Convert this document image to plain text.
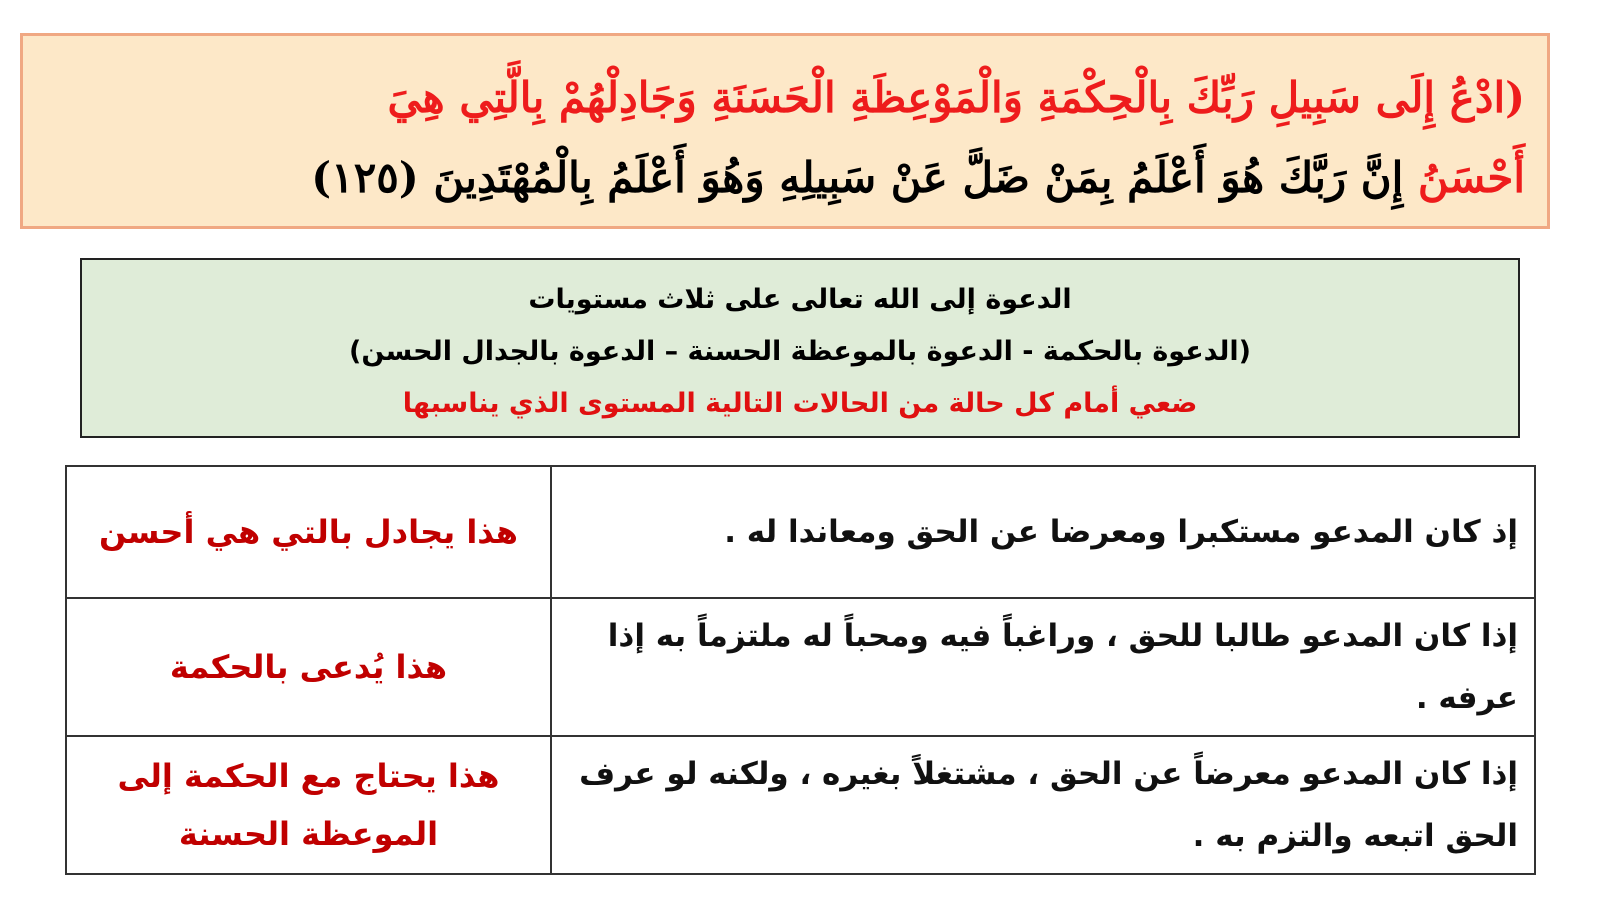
(ادْعُ إِلَى سَبِيلِ رَبِّكَ بِالْحِكْمَةِ وَالْمَوْعِظَةِ الْحَسَنَةِ وَجَادِلْهُمْ بِالَّتِي هِيَ

أَحْسَنُ إِنَّ رَبَّكَ هُوَ أَعْلَمُ بِمَنْ ضَلَّ عَنْ سَبِيلِهِ وَهُوَ أَعْلَمُ بِالْمُهْتَدِينَ (١٢٥)

الدعوة إلى الله تعالى على ثلاث مستويات
(الدعوة بالحكمة - الدعوة بالموعظة الحسنة – الدعوة بالجدال الحسن)
ضعي أمام كل حالة من الحالات التالية المستوى الذي يناسبها
إذ كان المدعو مستكبرا ومعرضا عن الحق ومعاندا له .	هذا يجادل بالتي هي أحسن
إذا كان المدعو طالبا للحق ، وراغباً فيه ومحباً له ملتزماً به إذا عرفه .	هذا يُدعى بالحكمة
إذا كان المدعو معرضاً عن الحق ، مشتغلاً بغيره ، ولكنه لو عرف الحق اتبعه والتزم به .	هذا يحتاج مع الحكمة إلى الموعظة الحسنة
